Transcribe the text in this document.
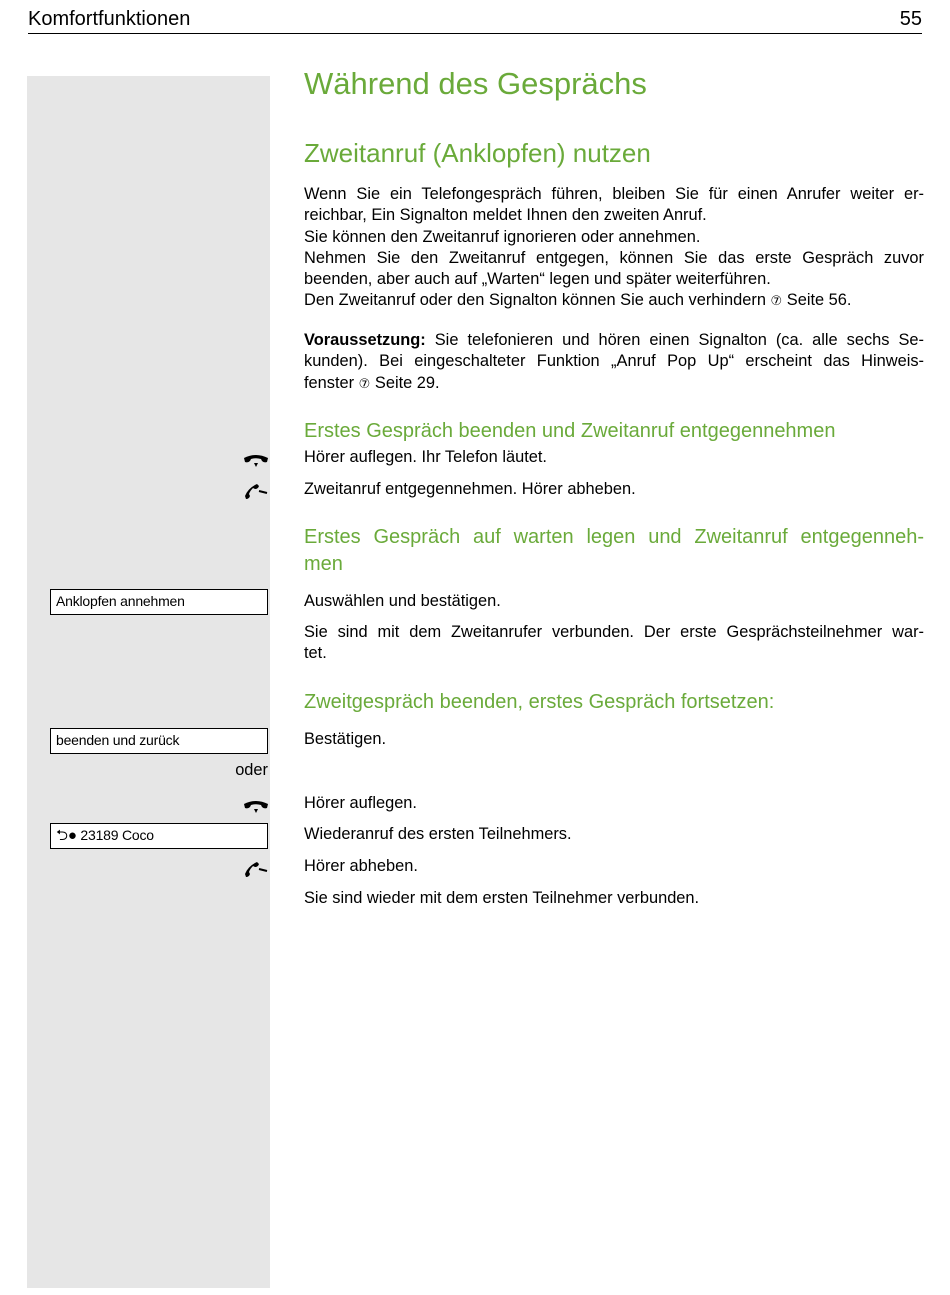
Komfortfunktionen	55
Während des Gesprächs
Zweitanruf (Anklopfen) nutzen
Wenn Sie ein Telefongespräch führen, bleiben Sie für einen Anrufer weiter er-
reichbar, Ein Signalton meldet Ihnen den zweiten Anruf.
Sie können den Zweitanruf ignorieren oder annehmen.
Nehmen Sie den Zweitanruf entgegen, können Sie das erste Gespräch zuvor
beenden, aber auch auf „Warten“ legen und später weiterführen.
Den Zweitanruf oder den Signalton können Sie auch verhindern ⑦ Seite 56.
Voraussetzung: Sie telefonieren und hören einen Signalton (ca. alle sechs Se-
kunden). Bei eingeschalteter Funktion „Anruf Pop Up“ erscheint das Hinweis-
fenster ⑦ Seite 29.
Erstes Gespräch beenden und Zweitanruf entgegennehmen
Hörer auflegen. Ihr Telefon läutet.
Zweitanruf entgegennehmen. Hörer abheben.
Erstes Gespräch auf warten legen und Zweitanruf entgegenneh-
men
Anklopfen annehmen	Auswählen und bestätigen.
Sie sind mit dem Zweitanrufer verbunden. Der erste Gesprächsteilnehmer war-
tet.
Zweitgespräch beenden, erstes Gespräch fortsetzen:
beenden und zurück	Bestätigen.
oder
Hörer auflegen.
⮌● 23189 Coco	Wiederanruf des ersten Teilnehmers.
Hörer abheben.
Sie sind wieder mit dem ersten Teilnehmer verbunden.
